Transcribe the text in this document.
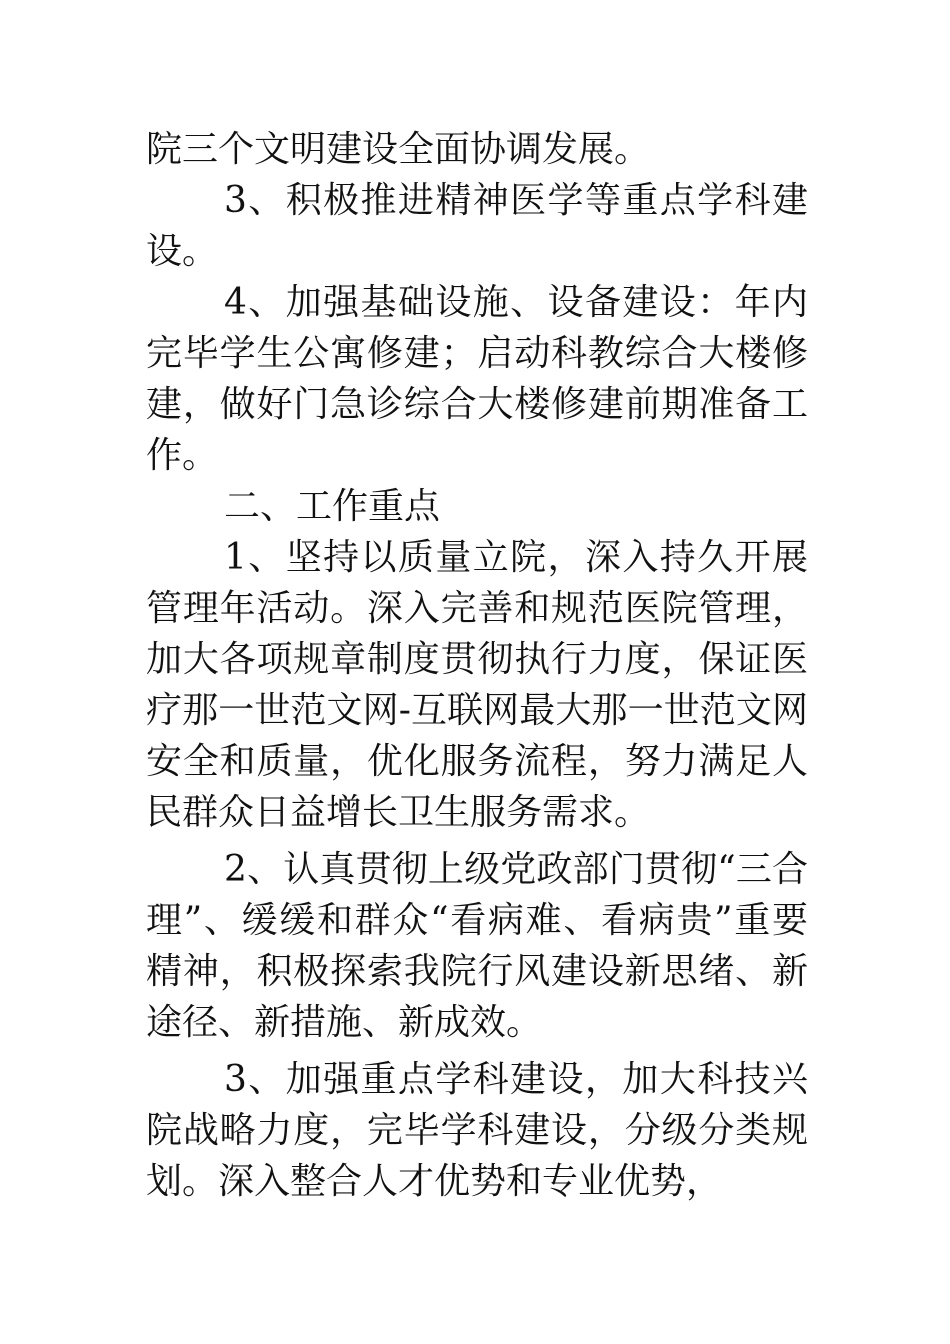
院三个文明建设全面协调发展。

3、积极推进精神医学等重点学科建设。

4、加强基础设施、设备建设：年内完毕学生公寓修建；启动科教综合大楼修建，做好门急诊综合大楼修建前期准备工作。

二、工作重点

1、坚持以质量立院，深入持久开展管理年活动。深入完善和规范医院管理，加大各项规章制度贯彻执行力度，保证医疗那一世范文网-互联网最大那一世范文网安全和质量，优化服务流程，努力满足人民群众日益增长卫生服务需求。

2、认真贯彻上级党政部门贯彻“三合理”、缓缓和群众“看病难、看病贵”重要精神，积极探索我院行风建设新思绪、新途径、新措施、新成效。

3、加强重点学科建设，加大科技兴院战略力度，完毕学科建设，分级分类规划。深入整合人才优势和专业优势，
